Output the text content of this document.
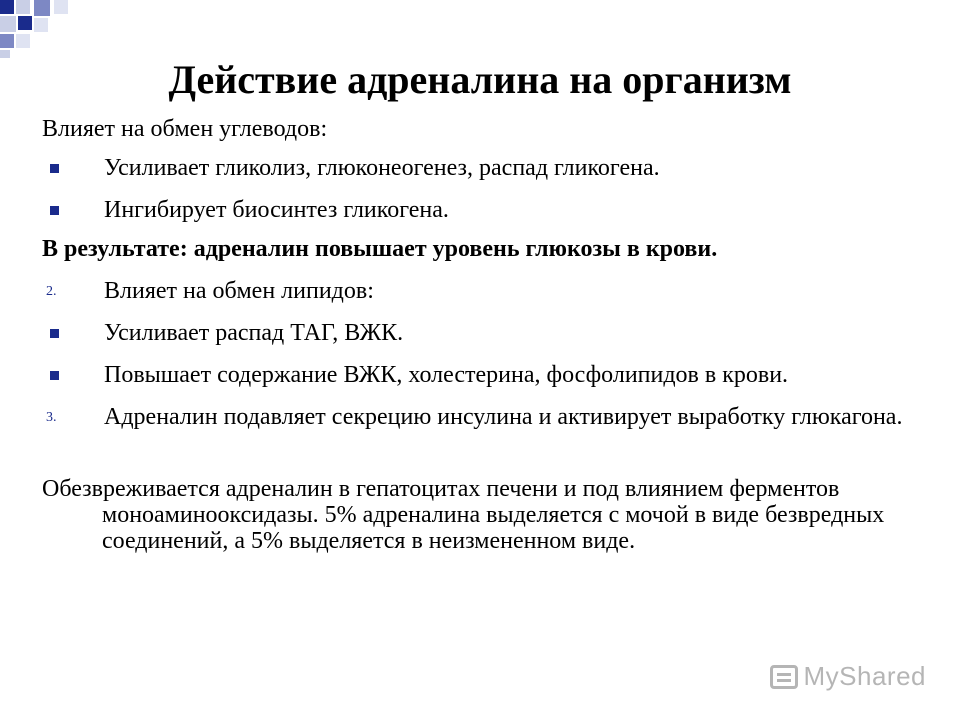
Действие адреналина на организм

Влияет на обмен углеводов:

Усиливает гликолиз, глюконеогенез, распад гликогена.
Ингибирует биосинтез гликогена.

В результате: адреналин повышает уровень глюкозы в крови.

2. Влияет на обмен липидов:
Усиливает распад ТАГ, ВЖК.
Повышает содержание ВЖК, холестерина, фосфолипидов в крови.
3. Адреналин подавляет секрецию инсулина и активирует выработку глюкагона.

Обезвреживается адреналин в гепатоцитах печени и под влиянием ферментов моноаминооксидазы. 5% адреналина выделяется с мочой в виде безвредных соединений, а 5% выделяется в неизмененном виде.

MyShared
